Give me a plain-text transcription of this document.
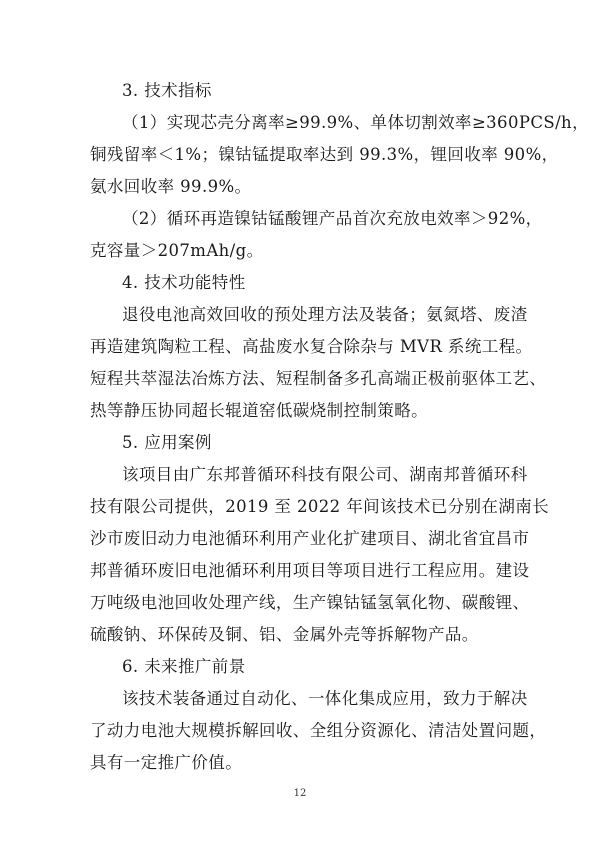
3. 技术指标
（1）实现芯壳分离率≥99.9%、单体切割效率≥360PCS/h，
铜残留率＜1%；镍钴锰提取率达到 99.3%，锂回收率 90%，
氨水回收率 99.9%。
（2）循环再造镍钴锰酸锂产品首次充放电效率＞92%，
克容量＞207mAh/g。
4. 技术功能特性
退役电池高效回收的预处理方法及装备；氨氮塔、废渣
再造建筑陶粒工程、高盐废水复合除杂与 MVR 系统工程。
短程共萃湿法冶炼方法、短程制备多孔高端正极前驱体工艺、
热等静压协同超长辊道窑低碳烧制控制策略。
5. 应用案例
该项目由广东邦普循环科技有限公司、湖南邦普循环科
技有限公司提供，2019 至 2022 年间该技术已分别在湖南长
沙市废旧动力电池循环利用产业化扩建项目、湖北省宜昌市
邦普循环废旧电池循环利用项目等项目进行工程应用。建设
万吨级电池回收处理产线，生产镍钴锰氢氧化物、碳酸锂、
硫酸钠、环保砖及铜、铝、金属外壳等拆解物产品。
6. 未来推广前景
该技术装备通过自动化、一体化集成应用，致力于解决
了动力电池大规模拆解回收、全组分资源化、清洁处置问题，
具有一定推广价值。
12
